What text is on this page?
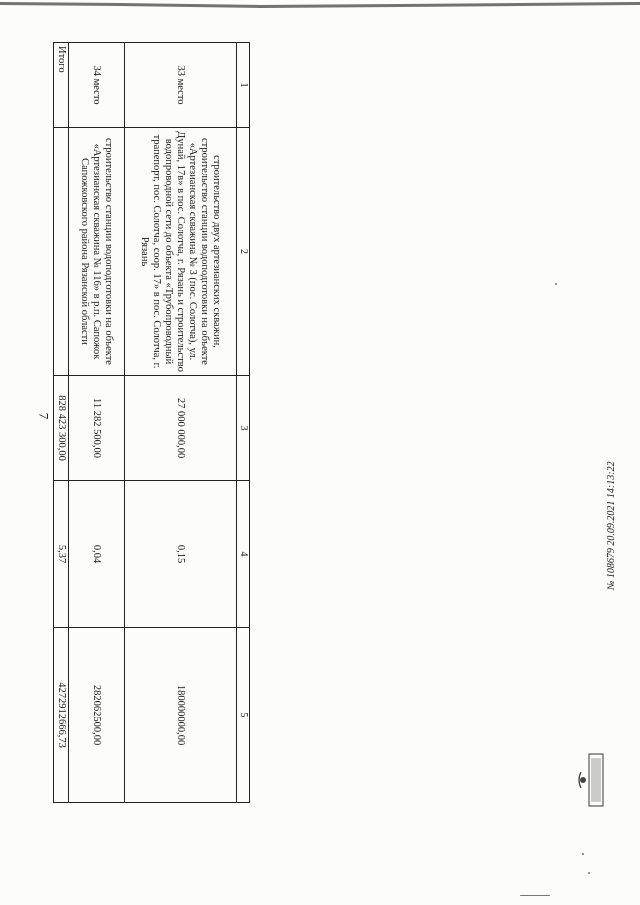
7
1	2	3	4	5
33 место	строительство двух артезианских скважин, строительство станции водоподготовки на объекте «Артезианская скважина № 3 (пос. Солотча), ул. Дунай, 17в» в пос. Солотча, г. Рязань и строительство водопроводной сети до объекта «Трубопроводный трапепорт, пос. Солотча, соор. 17» в пос. Солотча, г. Рязань	27 000 000,00	0,15	180000000,00
34 место	строительство станции водоподготовки на объекте «Артезианская скважина № 116» в р.п. Сапожок Сапожковского района Рязанской области	11 282 500,00	0,04	282062500,00
Итого		828 423 300,00	5,37	4272912666,73
№ 108679 20.09.2021 14:13:22
